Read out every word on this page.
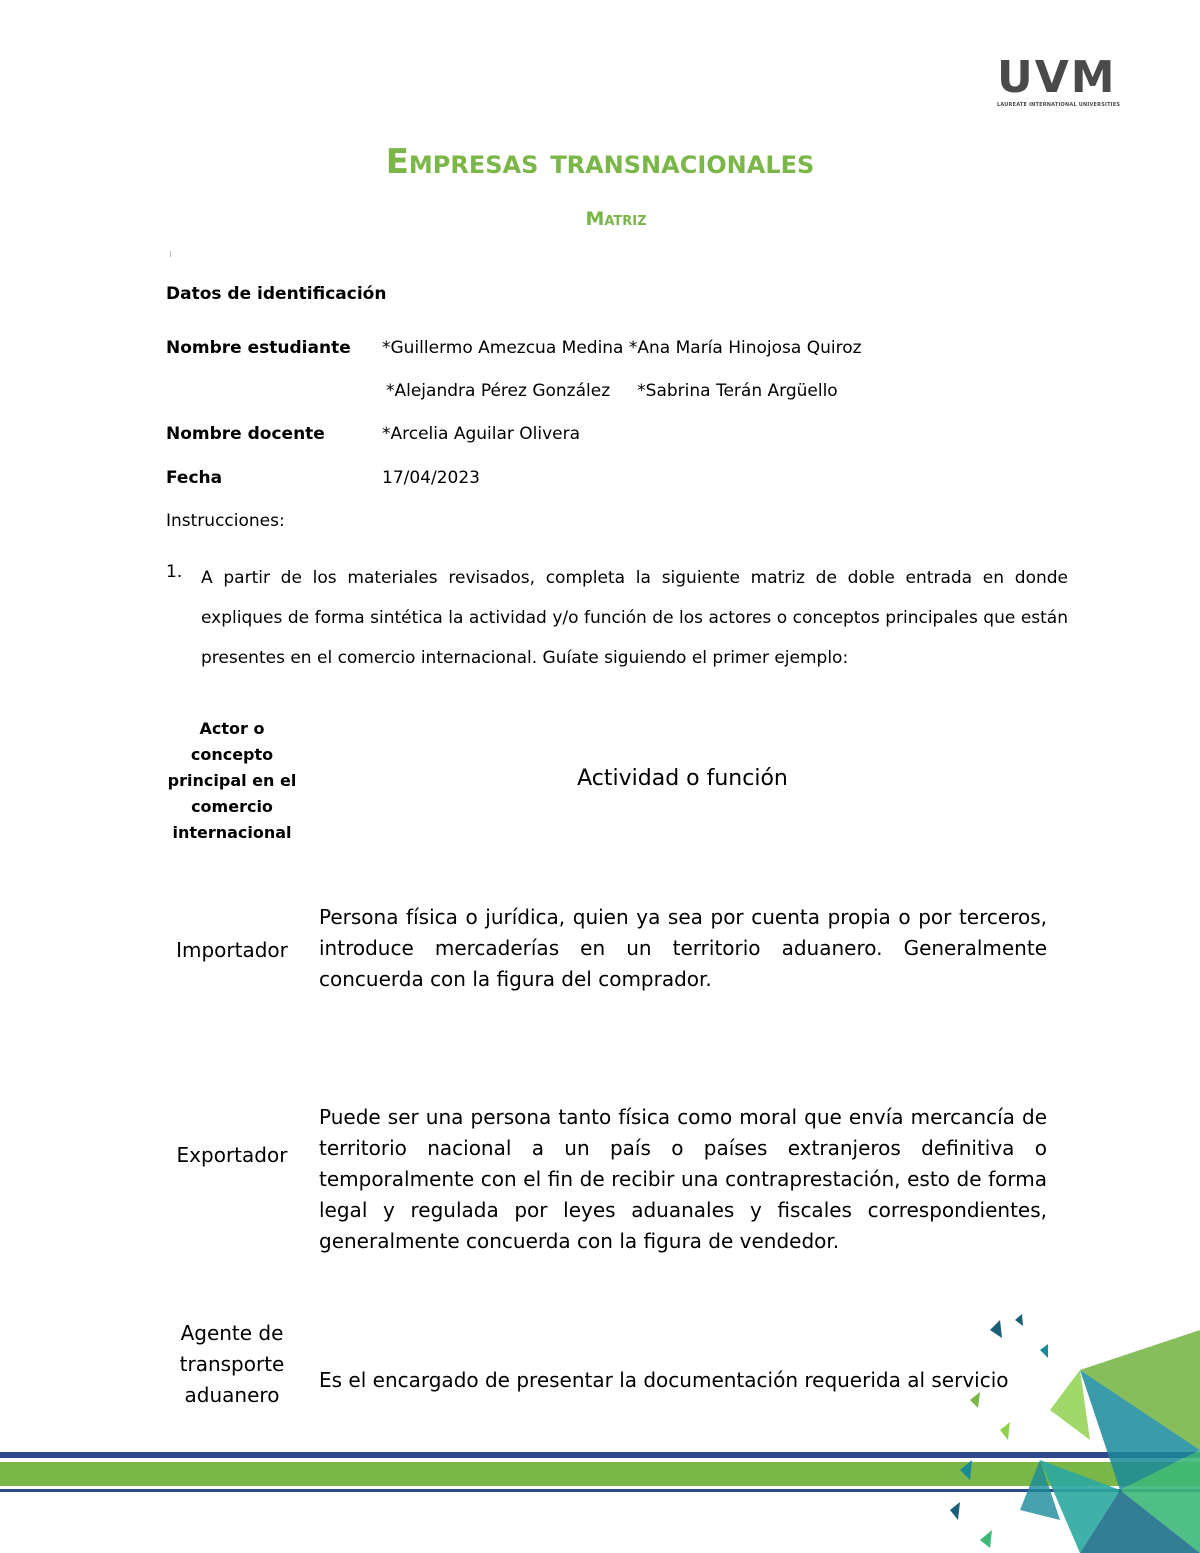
UVM
LAUREATE INTERNATIONAL UNIVERSITIES
Empresas transnacionales
Matriz
Datos de identificación
Nombre estudiante *Guillermo Amezcua Medina *Ana María Hinojosa Quiroz
*Alejandra Pérez González     *Sabrina Terán Argüello
Nombre docente	*Arcelia Aguilar Olivera
Fecha	17/04/2023
Instrucciones:
1. A partir de los materiales revisados, completa la siguiente matriz de doble entrada en donde expliques de forma sintética la actividad y/o función de los actores o conceptos principales que están presentes en el comercio internacional. Guíate siguiendo el primer ejemplo:

Actor o concepto principal en el comercio internacional
Actividad o función
Importador

Persona física o jurídica, quien ya sea por cuenta propia o por terceros, introduce mercaderías en un territorio aduanero. Generalmente concuerda con la figura del comprador.

Exportador

Puede ser una persona tanto física como moral que envía mercancía de territorio nacional a un país o países extranjeros definitiva o temporalmente con el fin de recibir una contraprestación, esto de forma legal y regulada por leyes aduanales y fiscales correspondientes, generalmente concuerda con la figura de vendedor.

Agente de transporte aduanero

Es el encargado de presentar la documentación requerida al servicio
